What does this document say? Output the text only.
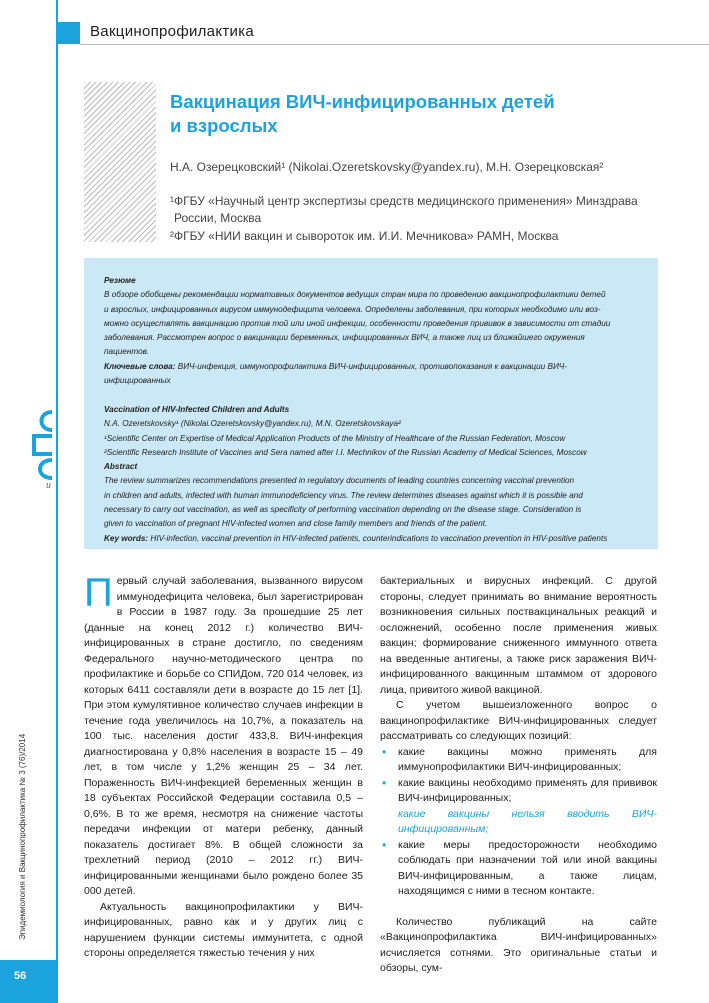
Вакцинопрофилактика
Вакцинация ВИЧ-инфицированных детей
и взрослых
Н.А. Озерецковский¹ (Nikolai.Ozeretskovsky@yandex.ru), М.Н. Озерецковская²
¹ФГБУ «Научный центр экспертизы средств медицинского применения» Минздрава
России, Москва
²ФГБУ «НИИ вакцин и сывороток им. И.И. Мечникова» РАМН, Москва
Резюме
В обзоре обобщены рекомендации нормативных документов ведущих стран мира по проведению вакцинопрофилактики детей
и взрослых, инфицированных вирусом иммунодефицита человека. Определены заболевания, при которых необходимо или воз-
можно осуществлять вакцинацию против той или иной инфекции, особенности проведения прививок в зависимости от стадии
заболевания. Рассмотрен вопрос о вакцинации беременных, инфицированных ВИЧ, а также лиц из ближайшего окружения
пациентов.
Ключевые слова: ВИЧ-инфекция, иммунопрофилактика ВИЧ-инфицированных, противопоказания к вакцинации ВИЧ-
инфицированных
Vaccination of HIV-Infected Children and Adults
N.A. Ozeretskovsky¹ (Nikolai.Ozeretskovsky@yandex.ru), M.N. Ozeretskovskaya²
¹Scientific Center on Expertise of Medical Application Products of the Ministry of Healthcare of the Russian Federation, Moscow
²Scientific Research Institute of Vaccines and Sera named after I.I. Mechnikov of the Russian Academy of Medical Sciences, Moscow
Abstract
The review summarizes recommendations presented in regulatory documents of leading countries concerning vaccinal prevention
in children and adults, infected with human immunodeficiency virus. The review determines diseases against which it is possible and
necessary to carry out vaccination, as well as specificity of performing vaccination depending on the disease stage. Consideration is
given to vaccination of pregnant HIV-infected women and close family members and friends of the patient.
Key words: HIV-infection, vaccinal prevention in HIV-infected patients, counterindications to vaccination prevention in HIV-positive patients
и
Эпидемиология и Вакцинопрофилактика № 3 (76)/2014
56

Первый случай заболевания, вызванного вирусом иммунодефицита человека, был зарегистрирован в России в 1987 году. За прошедшие 25 лет (данные на конец 2012 г.) количество ВИЧ-инфицированных в стране достигло, по сведениям Федерального научно-методического центра по профилактике и борьбе со СПИДом, 720 014 человек, из которых 6411 составляли дети в возрасте до 15 лет [1]. При этом кумулятивное количество случаев инфекции в течение года увеличилось на 10,7%, а показатель на 100 тыс. населения достиг 433,8. ВИЧ-инфекция диагностирована у 0,8% населения в возрасте 15 – 49 лет, в том числе у 1,2% женщин 25 – 34 лет. Пораженность ВИЧ-инфекцией беременных женщин в 18 субъектах Российской Федерации составила 0,5 – 0,6%. В то же время, несмотря на снижение частоты передачи инфекции от матери ребенку, данный показатель достигает 8%. В общей сложности за трехлетний период (2010 – 2012 гг.) ВИЧ-инфицированными женщинами было рождено более 35 000 детей.

Актуальность вакцинопрофилактики у ВИЧ-инфицированных, равно как и у других лиц с нарушением функции системы иммунитета, с одной стороны определяется тяжестью течения у них

бактериальных и вирусных инфекций. С другой стороны, следует принимать во внимание вероятность возникновения сильных поствакцинальных реакций и осложнений, особенно после применения живых вакцин; формирование сниженного иммунного ответа на введенные антигены, а также риск заражения ВИЧ-инфицированного вакцинным штаммом от здорового лица, привитого живой вакциной.

С учетом вышеизложенного вопрос о вакцинопрофилактике ВИЧ-инфицированных следует рассматривать со следующих позиций:

• какие вакцины можно применять для иммунопрофилактики ВИЧ-инфицированных;
• какие вакцины необходимо применять для прививок ВИЧ-инфицированных;
какие вакцины нельзя вводить ВИЧ-инфицированным;
• какие меры предосторожности необходимо соблюдать при назначении той или иной вакцины ВИЧ-инфицированным, а также лицам, находящимся с ними в тесном контакте.

Количество публикаций на сайте «Вакцинопрофилактика ВИЧ-инфицированных» исчисляется сотнями. Это оригинальные статьи и обзоры, сум-
